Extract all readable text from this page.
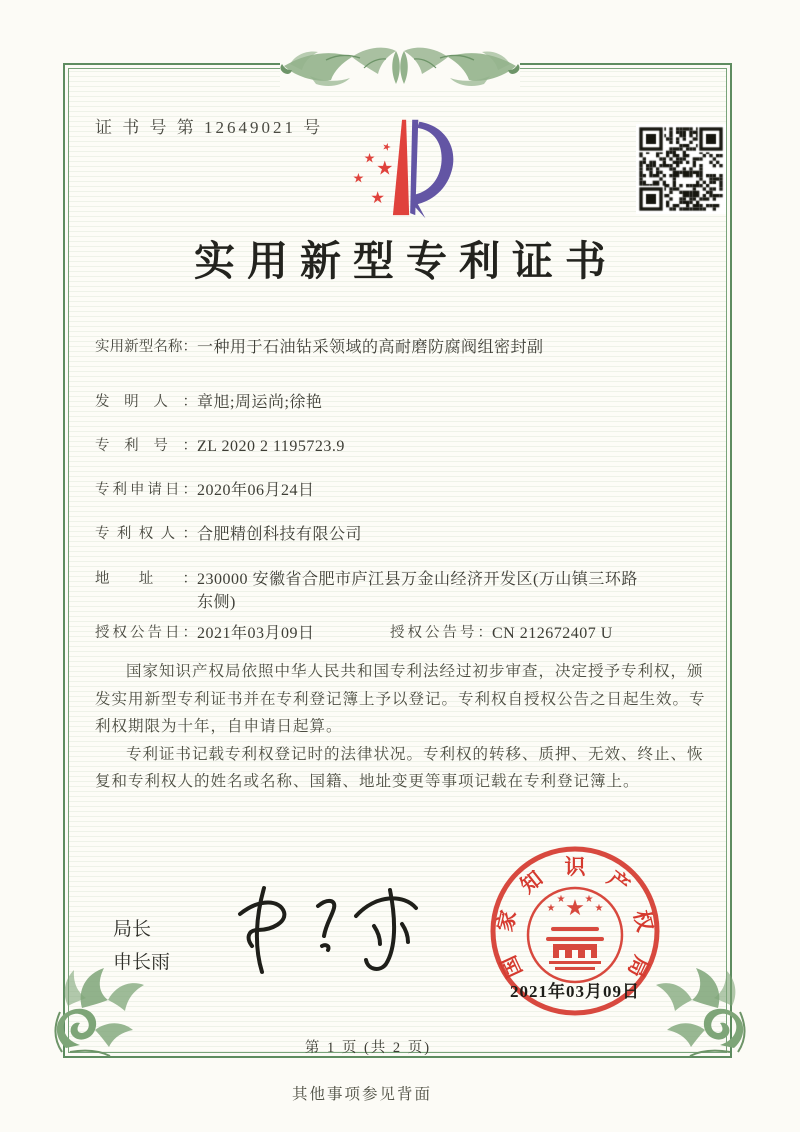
证 书 号 第 12649021 号
★
★ ★
★
★
实用新型专利证书
实用新型名称：一种用于石油钻采领域的高耐磨防腐阀组密封副
发明人：章旭;周运尚;徐艳
专利号：ZL 2020 2 1195723.9
专利申请日：2020年06月24日
专利权人：合肥精创科技有限公司
地址：230000 安徽省合肥市庐江县万金山经济开发区(万山镇三环路东侧)
授权公告日：2021年03月09日	授权公告号：CN 212672407 U

国家知识产权局依照中华人民共和国专利法经过初步审查，决定授予专利权，颁发实用新型专利证书并在专利登记簿上予以登记。专利权自授权公告之日起生效。专利权期限为十年，自申请日起算。

专利证书记载专利权登记时的法律状况。专利权的转移、质押、无效、终止、恢复和专利权人的姓名或名称、国籍、地址变更等事项记载在专利登记簿上。

局长
申长雨	国
家
知 识 产
权
局
★
★
★ ★
★
2021年03月09日
第 1 页 (共 2 页)
其他事项参见背面
